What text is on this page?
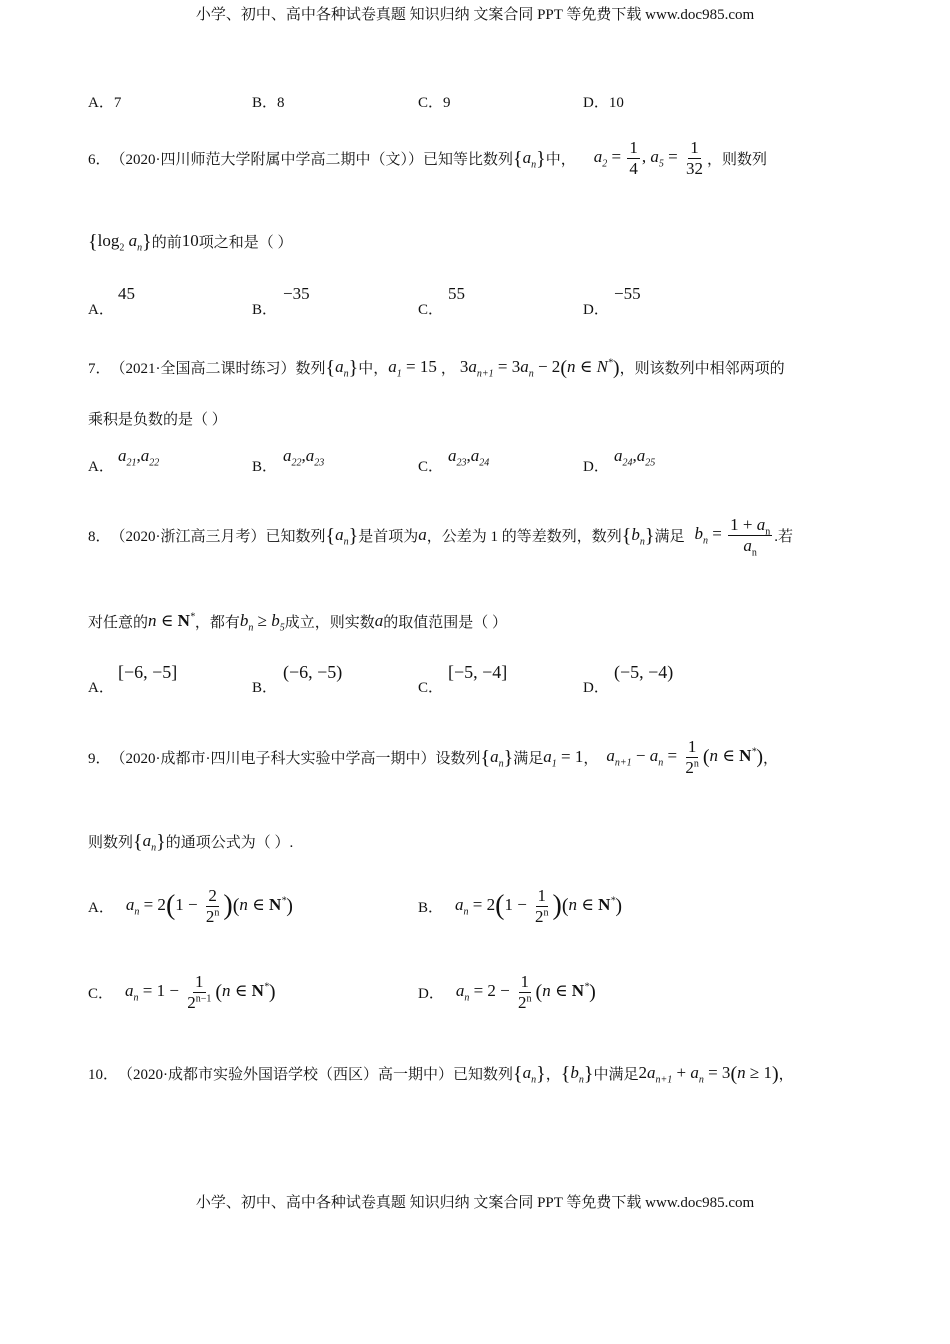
小学、初中、高中各种试卷真题 知识归纳 文案合同 PPT 等免费下载 www.doc985.com
A．7	B．8	C．9	D．10
6． （2020·四川师范大学附属中学高二期中（文）） 已知等比数列 $\{a_n\}$ 中， $a_2 = \frac{1}{4}$ , $a_5 = \frac{1}{32}$ ，则数列
{$\log_2$ $a_n$} 的前 10 项之和是（ ）
A．
45
B．
−35
C．
55
D．
−55
7． （2021·全国高二课时练习） 数列 $\{a_n\}$ 中， $a_1 = 15$ ， $3a_{n+1} = 3a_n - 2(n$ ∈ N*) ，则该数列中相邻两项的
乘积是负数的是（ ）
A．
$a_{21},a_{22}$	B．
$a_{22},a_{23}$	C．
$a_{23},a_{24}$	D．
$a_{24},a_{25}$
8． （2020·浙江高三月考） 已知数列 $\{a_n\}$ 是首项为 a ，公差为 1 的等差数列，数列 $\{b_n\}$ 满足 $b_n = \frac{1 + a_n}{a_n}$ .若
对任意的 n ∈ N* ，都有 $b_n \ge b_5$ 成立，则实数 a 的取值范围是（ ）
A．
[−6, −5]
B．
(−6, −5)
C．
[−5, −4]
D．
(−5, −4)
9． （2020·成都市·四川电子科大实验中学高一期中） 设数列 $\{a_n\}$ 满足 $a_1 = 1$ ， $a_{n+1} - a_n = \frac{1}{2^n} (n$ ∈ N*) ，
则数列 $\{a_n\}$ 的通项公式为（ ）.
A． $a_n = 2(1 - \frac{2}{2^n} )(n$ ∈ N*)	B． $a_n = 2(1 - \frac{1}{2^n} )(n$ ∈ N*)
C． $a_n = 1 - \frac{1}{2^{n-1}} (n$ ∈ N*)	D． $a_n = 2 - \frac{1}{2^n} (n$ ∈ N*)
10． （2020·成都市实验外国语学校（西区）高一期中） 已知数列 $\{a_n\}$ ， $\{b_n\}$ 中满足 $2a_{n+1} + a_n = 3(n \ge 1)$ ，
小学、初中、高中各种试卷真题 知识归纳 文案合同 PPT 等免费下载 www.doc985.com
